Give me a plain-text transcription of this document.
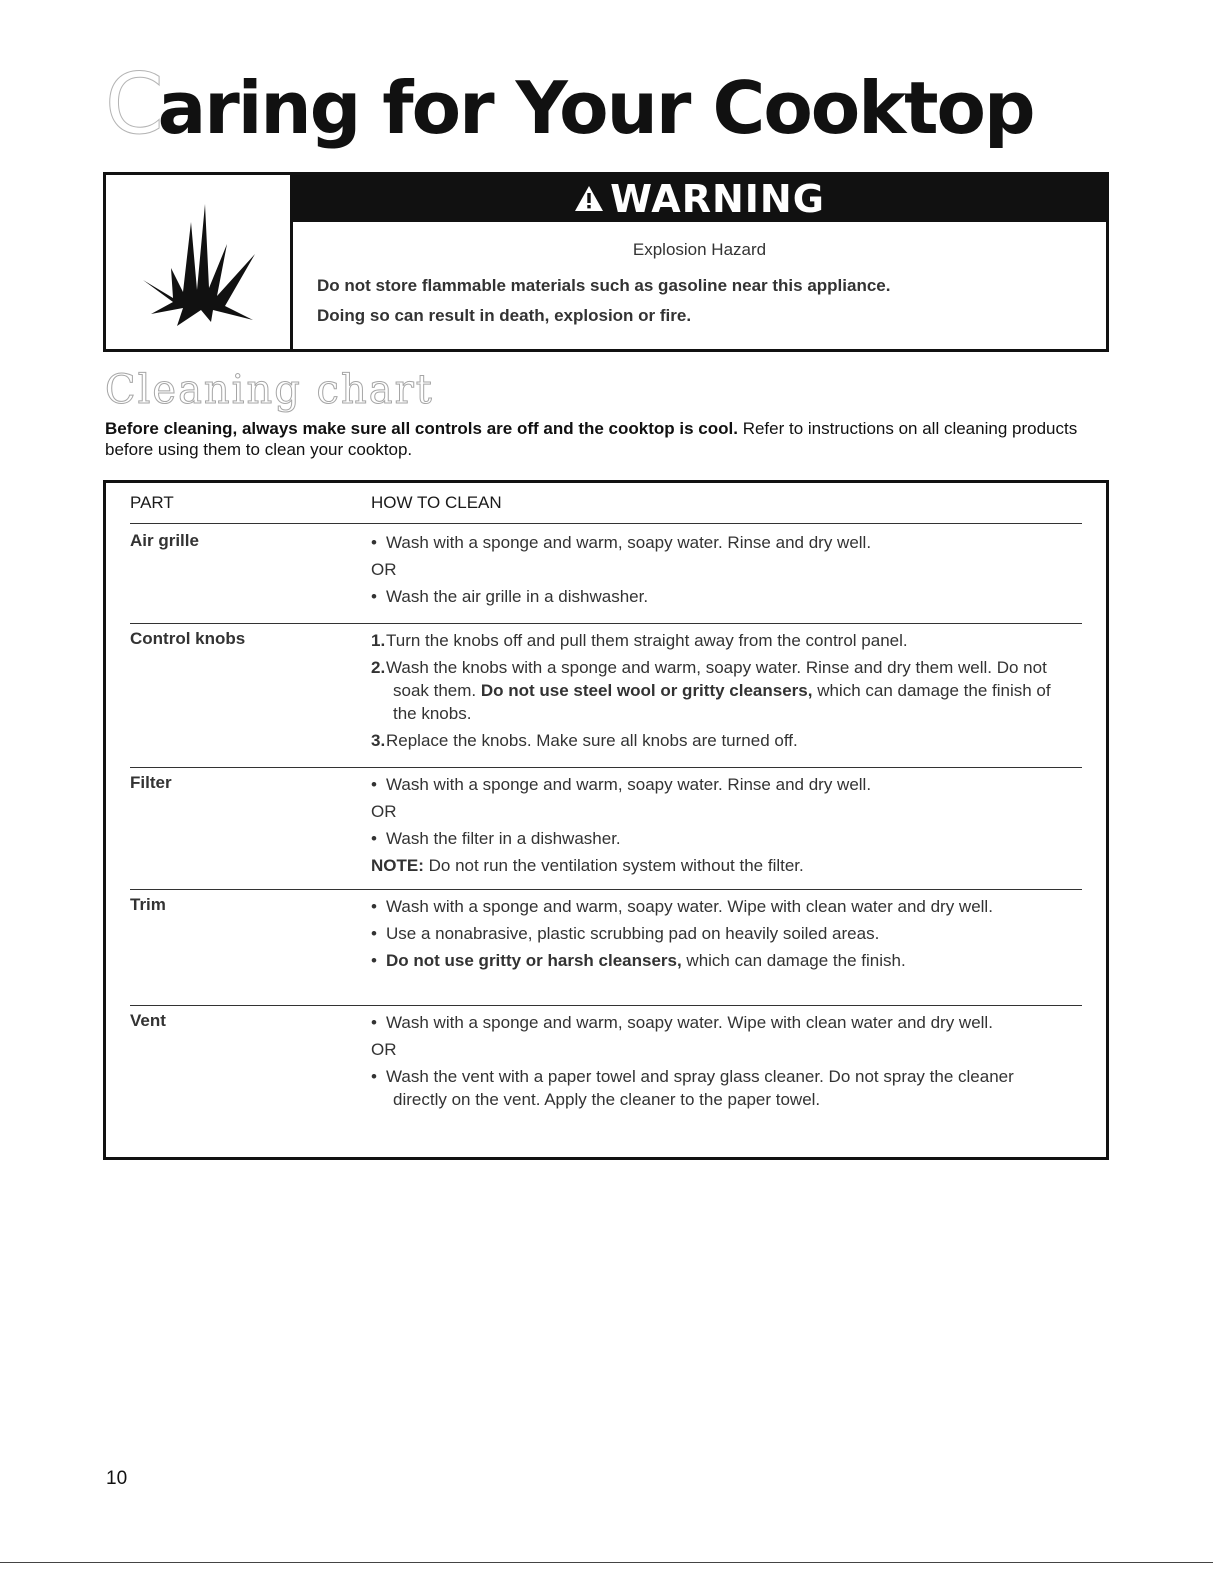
Caring for Your Cooktop
WARNING
Explosion Hazard
Do not store flammable materials such as gasoline near this appliance.
Doing so can result in death, explosion or fire.
Cleaning chart

Before cleaning, always make sure all controls are off and the cooktop is cool. Refer to instructions on all cleaning products before using them to clean your cooktop.

PART	HOW TO CLEAN
Air grille	• Wash with a sponge and warm, soapy water. Rinse and dry well.
OR
• Wash the air grille in a dishwasher.
Control knobs	1.Turn the knobs off and pull them straight away from the control panel.
2.Wash the knobs with a sponge and warm, soapy water. Rinse and dry them well. Do not soak them. Do not use steel wool or gritty cleansers, which can damage the finish of the knobs.
3.Replace the knobs. Make sure all knobs are turned off.
Filter	• Wash with a sponge and warm, soapy water. Rinse and dry well.
OR
• Wash the filter in a dishwasher.
NOTE: Do not run the ventilation system without the filter.
Trim	• Wash with a sponge and warm, soapy water. Wipe with clean water and dry well.
• Use a nonabrasive, plastic scrubbing pad on heavily soiled areas.
• Do not use gritty or harsh cleansers, which can damage the finish.
Vent	• Wash with a sponge and warm, soapy water. Wipe with clean water and dry well.
OR
• Wash the vent with a paper towel and spray glass cleaner. Do not spray the cleaner directly on the vent. Apply the cleaner to the paper towel.
10
